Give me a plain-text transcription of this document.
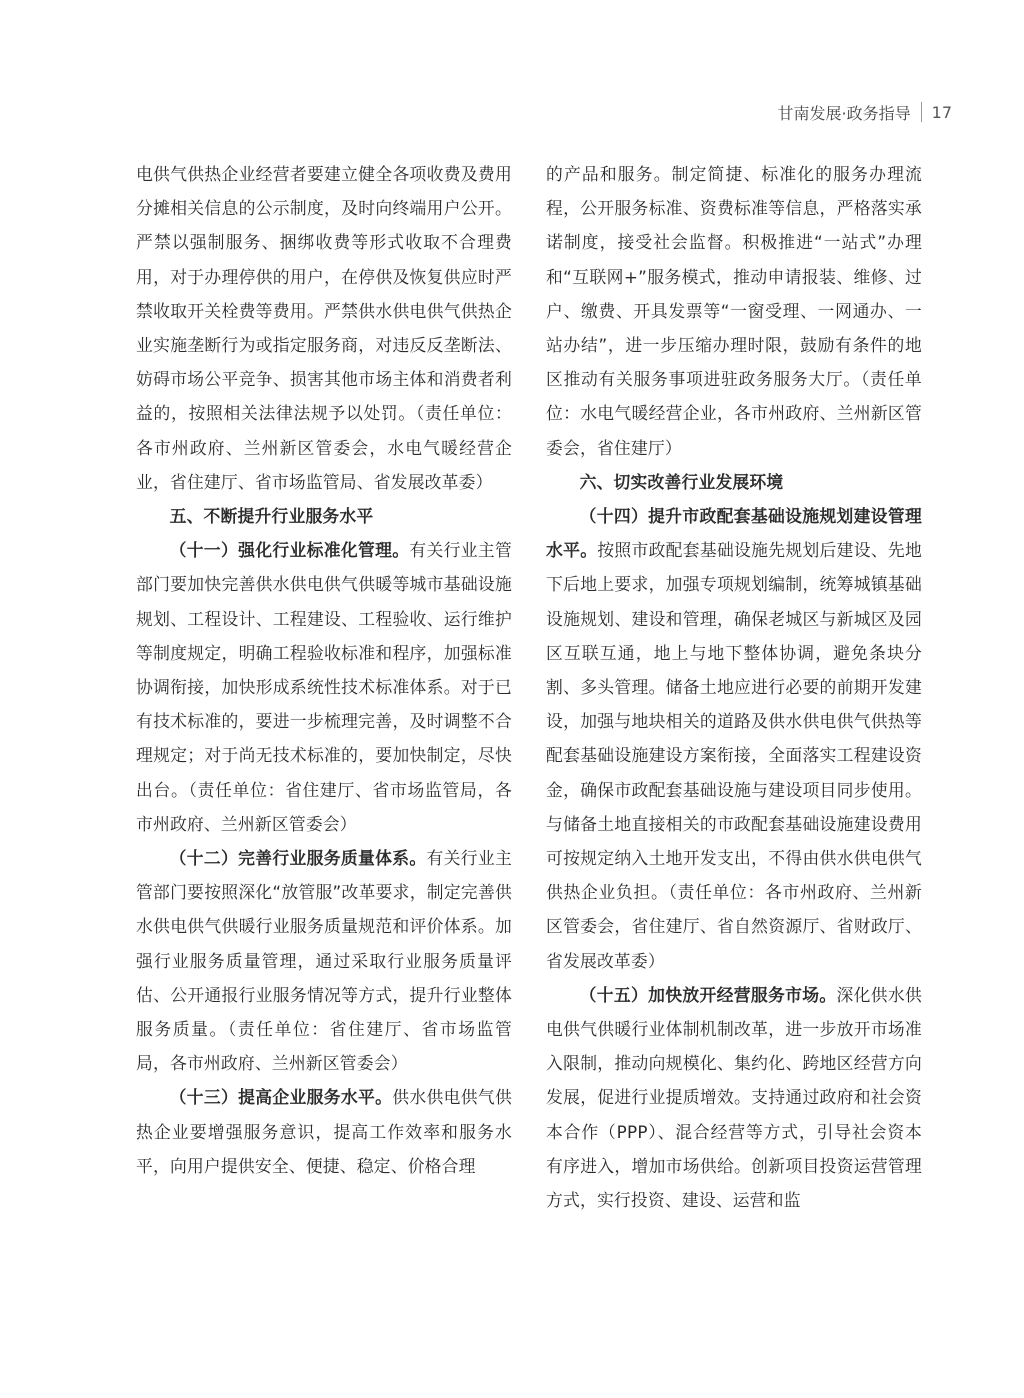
甘南发展·政务指导 17

电供气供热企业经营者要建立健全各项收费及费用分摊相关信息的公示制度，及时向终端用户公开。严禁以强制服务、捆绑收费等形式收取不合理费用，对于办理停供的用户，在停供及恢复供应时严禁收取开关栓费等费用。严禁供水供电供气供热企业实施垄断行为或指定服务商，对违反反垄断法、妨碍市场公平竞争、损害其他市场主体和消费者利益的，按照相关法律法规予以处罚。（责任单位：各市州政府、兰州新区管委会，水电气暖经营企业，省住建厅、省市场监管局、省发展改革委）

五、不断提升行业服务水平

（十一）强化行业标准化管理。有关行业主管部门要加快完善供水供电供气供暖等城市基础设施规划、工程设计、工程建设、工程验收、运行维护等制度规定，明确工程验收标准和程序，加强标准协调衔接，加快形成系统性技术标准体系。对于已有技术标准的，要进一步梳理完善，及时调整不合理规定；对于尚无技术标准的，要加快制定，尽快出台。（责任单位：省住建厅、省市场监管局，各市州政府、兰州新区管委会）

（十二）完善行业服务质量体系。有关行业主管部门要按照深化“放管服”改革要求，制定完善供水供电供气供暖行业服务质量规范和评价体系。加强行业服务质量管理，通过采取行业服务质量评估、公开通报行业服务情况等方式，提升行业整体服务质量。（责任单位：省住建厅、省市场监管局，各市州政府、兰州新区管委会）

（十三）提高企业服务水平。供水供电供气供热企业要增强服务意识，提高工作效率和服务水平，向用户提供安全、便捷、稳定、价格合理

的产品和服务。制定简捷、标准化的服务办理流程，公开服务标准、资费标准等信息，严格落实承诺制度，接受社会监督。积极推进“一站式”办理和“互联网+”服务模式，推动申请报装、维修、过户、缴费、开具发票等“一窗受理、一网通办、一站办结”，进一步压缩办理时限，鼓励有条件的地区推动有关服务事项进驻政务服务大厅。（责任单位：水电气暖经营企业，各市州政府、兰州新区管委会，省住建厅）

六、切实改善行业发展环境

（十四）提升市政配套基础设施规划建设管理水平。按照市政配套基础设施先规划后建设、先地下后地上要求，加强专项规划编制，统筹城镇基础设施规划、建设和管理，确保老城区与新城区及园区互联互通，地上与地下整体协调，避免条块分割、多头管理。储备土地应进行必要的前期开发建设，加强与地块相关的道路及供水供电供气供热等配套基础设施建设方案衔接，全面落实工程建设资金，确保市政配套基础设施与建设项目同步使用。与储备土地直接相关的市政配套基础设施建设费用可按规定纳入土地开发支出，不得由供水供电供气供热企业负担。（责任单位：各市州政府、兰州新区管委会，省住建厅、省自然资源厅、省财政厅、省发展改革委）

（十五）加快放开经营服务市场。深化供水供电供气供暖行业体制机制改革，进一步放开市场准入限制，推动向规模化、集约化、跨地区经营方向发展，促进行业提质增效。支持通过政府和社会资本合作（PPP）、混合经营等方式，引导社会资本有序进入，增加市场供给。创新项目投资运营管理方式，实行投资、建设、运营和监
